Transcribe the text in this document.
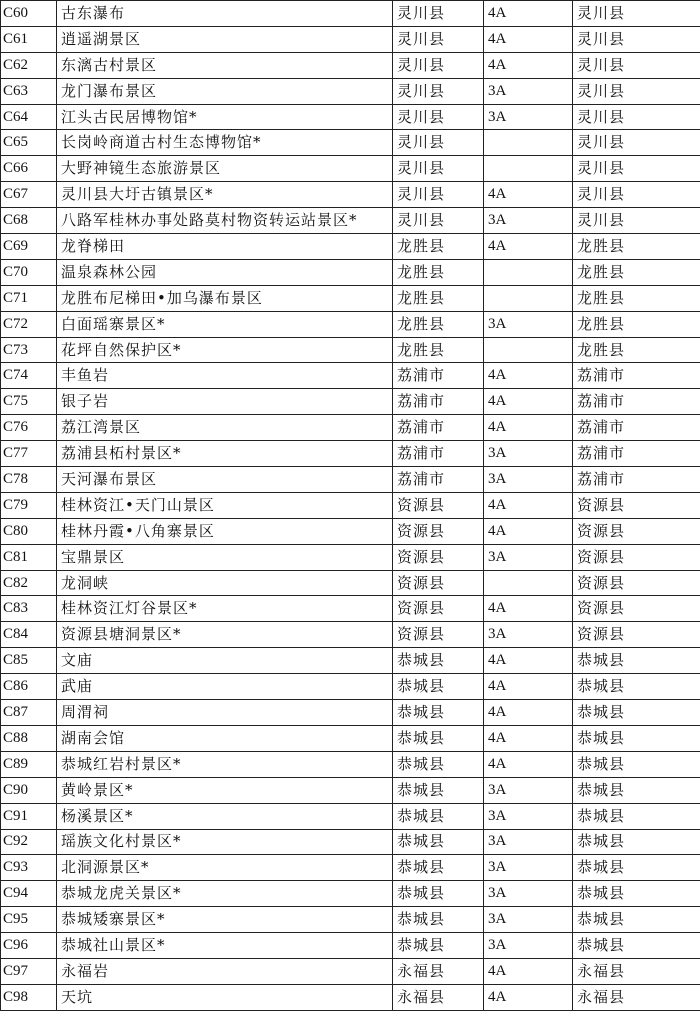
C60	古东瀑布	灵川县	4A	灵川县
C61	逍遥湖景区	灵川县	4A	灵川县
C62	东漓古村景区	灵川县	4A	灵川县
C63	龙门瀑布景区	灵川县	3A	灵川县
C64	江头古民居博物馆*	灵川县	3A	灵川县
C65	长岗岭商道古村生态博物馆*	灵川县		灵川县
C66	大野神镜生态旅游景区	灵川县		灵川县
C67	灵川县大圩古镇景区*	灵川县	4A	灵川县
C68	八路军桂林办事处路莫村物资转运站景区*	灵川县	3A	灵川县
C69	龙脊梯田	龙胜县	4A	龙胜县
C70	温泉森林公园	龙胜县		龙胜县
C71	龙胜布尼梯田•加乌瀑布景区	龙胜县		龙胜县
C72	白面瑶寨景区*	龙胜县	3A	龙胜县
C73	花坪自然保护区*	龙胜县		龙胜县
C74	丰鱼岩	荔浦市	4A	荔浦市
C75	银子岩	荔浦市	4A	荔浦市
C76	荔江湾景区	荔浦市	4A	荔浦市
C77	荔浦县柘村景区*	荔浦市	3A	荔浦市
C78	天河瀑布景区	荔浦市	3A	荔浦市
C79	桂林资江•天门山景区	资源县	4A	资源县
C80	桂林丹霞•八角寨景区	资源县	4A	资源县
C81	宝鼎景区	资源县	3A	资源县
C82	龙洞峡	资源县		资源县
C83	桂林资江灯谷景区*	资源县	4A	资源县
C84	资源县塘洞景区*	资源县	3A	资源县
C85	文庙	恭城县	4A	恭城县
C86	武庙	恭城县	4A	恭城县
C87	周渭祠	恭城县	4A	恭城县
C88	湖南会馆	恭城县	4A	恭城县
C89	恭城红岩村景区*	恭城县	4A	恭城县
C90	黄岭景区*	恭城县	3A	恭城县
C91	杨溪景区*	恭城县	3A	恭城县
C92	瑶族文化村景区*	恭城县	3A	恭城县
C93	北洞源景区*	恭城县	3A	恭城县
C94	恭城龙虎关景区*	恭城县	3A	恭城县
C95	恭城矮寨景区*	恭城县	3A	恭城县
C96	恭城社山景区*	恭城县	3A	恭城县
C97	永福岩	永福县	4A	永福县
C98	天坑	永福县	4A	永福县
